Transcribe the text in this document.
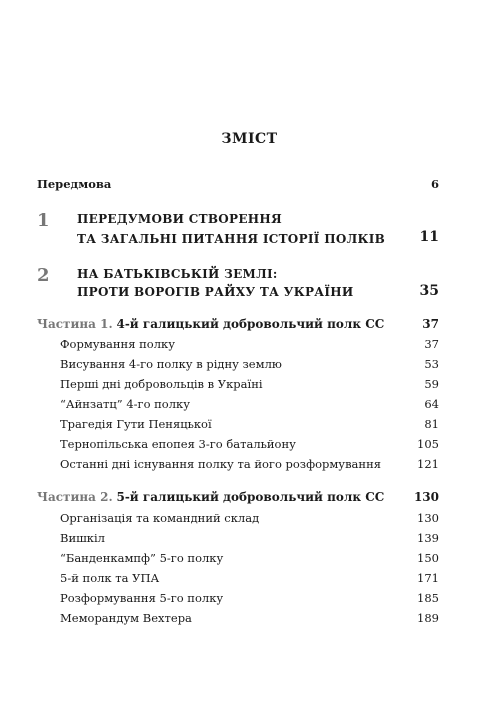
ЗМІСТ
Передмова	6
1 ПЕРЕДУМОВИ СТВОРЕННЯ
ТА ЗАГАЛЬНІ ПИТАННЯ ІСТОРІЇ ПОЛКІВ 11
2 НА БАТЬКІВСЬКІЙ ЗЕМЛІ:
ПРОТИ ВОРОГІВ РАЙХУ ТА УКРАЇНИ	35
Частина 1. 4-й галицький добровольчий полк СС	37
Формування полку	37
Висування 4-го полку в рідну землю	53
Перші дні добровольців в Україні	59
“Айнзатц” 4-го полку	64
Трагедія Гути Пеняцької	81
Тернопільська епопея 3-го батальйону	105
Останні дні існування полку та його розформування	121
Частина 2. 5-й галицький добровольчий полк СС 130
Організація та командний склад	130
Вишкіл	139
“Банденкампф” 5-го полку	150
5-й полк та УПА	171
Розформування 5-го полку	185
Меморандум Вехтера	189
